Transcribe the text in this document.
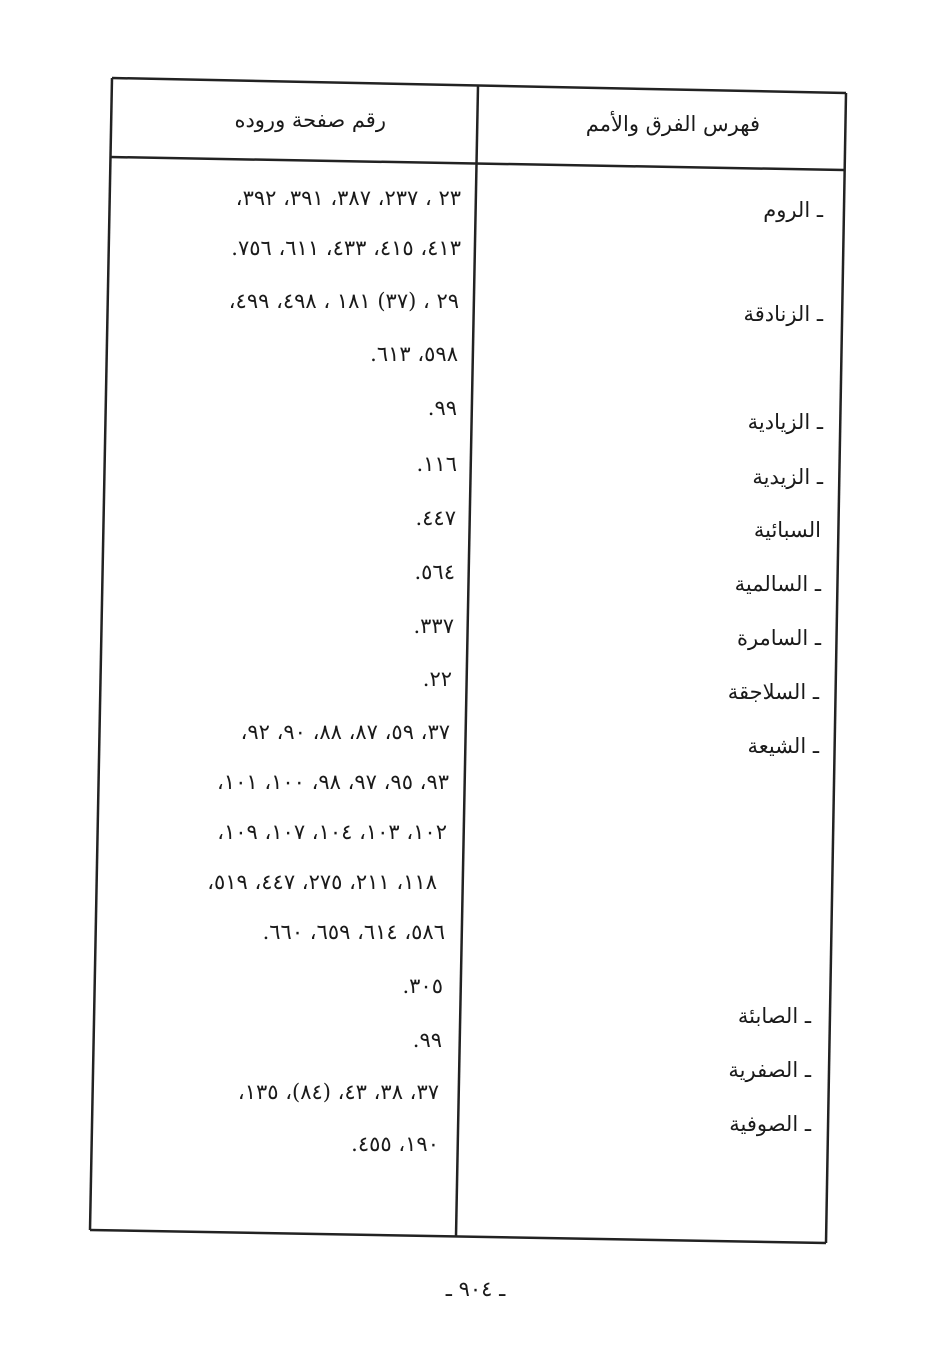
فهرس الفرق والأمم
رقم صفحة وروده
ـ الروم
ـ الزنادقة
ـ الزيادية
ـ الزيدية
السبائية
ـ السالمية
ـ السامرة
ـ السلاجقة
ـ الشيعة
ـ الصابئة
ـ الصفرية
ـ الصوفية
٢٣ ، ٢٣٧، ٣٨٧، ٣٩١، ٣٩٢،
٤١٣، ٤١٥، ٤٣٣، ٦١١، ٧٥٦.
٢٩ ، (٣٧) ١٨١ ، ٤٩٨، ٤٩٩،
٥٩٨، ٦١٣.
٩٩.
١١٦.
٤٤٧.
٥٦٤.
٣٣٧.
٢٢.
٣٧، ٥٩، ٨٧، ٨٨، ٩٠، ٩٢،
٩٣، ٩٥، ٩٧، ٩٨، ١٠٠، ١٠١،
١٠٢، ١٠٣، ١٠٤، ١٠٧، ١٠٩،
١١٨، ٢١١، ٢٧٥، ٤٤٧، ٥١٩،
٥٨٦، ٦١٤، ٦٥٩، ٦٦٠.
٣٠٥.
٩٩.
٣٧، ٣٨، ٤٣، (٨٤)، ١٣٥،
١٩٠، ٤٥٥.
ـ ٩٠٤ ـ
